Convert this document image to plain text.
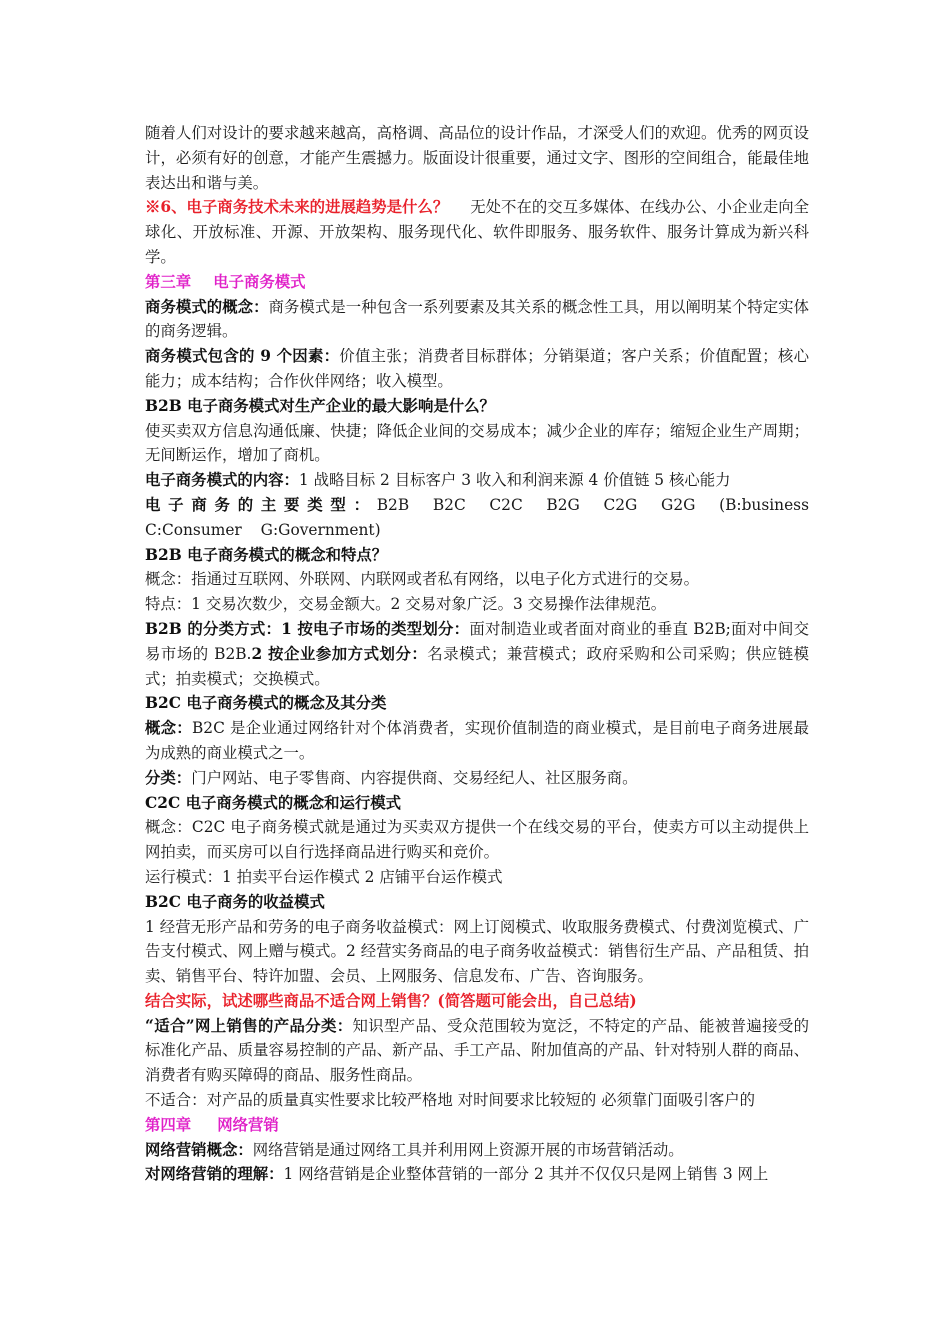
随着人们对设计的要求越来越高，高格调、高品位的设计作品，才深受人们的欢迎。优秀的网页设计，必须有好的创意，才能产生震撼力。版面设计很重要，通过文字、图形的空间组合，能最佳地表达出和谐与美。

※6、电子商务技术未来的进展趋势是什么？ 无处不在的交互多媒体、在线办公、小企业走向全球化、开放标准、开源、开放架构、服务现代化、软件即服务、服务软件、服务计算成为新兴科学。

第三章 电子商务模式

商务模式的概念：商务模式是一种包含一系列要素及其关系的概念性工具，用以阐明某个特定实体的商务逻辑。

商务模式包含的 9 个因素：价值主张；消费者目标群体；分销渠道；客户关系；价值配置；核心能力；成本结构；合作伙伴网络；收入模型。

B2B 电子商务模式对生产企业的最大影响是什么？

使买卖双方信息沟通低廉、快捷；降低企业间的交易成本；减少企业的库存；缩短企业生产周期；无间断运作，增加了商机。

电子商务模式的内容：1 战略目标 2 目标客户 3 收入和利润来源 4 价值链 5 核心能力

电子商务的主要类型：B2B B2C C2C B2G C2G G2G (B:business C:Consumer G:Government)

B2B 电子商务模式的概念和特点？

概念：指通过互联网、外联网、内联网或者私有网络，以电子化方式进行的交易。

特点：1 交易次数少，交易金额大。2 交易对象广泛。3 交易操作法律规范。

B2B 的分类方式：1 按电子市场的类型划分：面对制造业或者面对商业的垂直 B2B;面对中间交易市场的 B2B.2 按企业参加方式划分：名录模式；兼营模式；政府采购和公司采购；供应链模式；拍卖模式；交换模式。

B2C 电子商务模式的概念及其分类

概念：B2C 是企业通过网络针对个体消费者，实现价值制造的商业模式，是目前电子商务进展最为成熟的商业模式之一。

分类：门户网站、电子零售商、内容提供商、交易经纪人、社区服务商。

C2C 电子商务模式的概念和运行模式

概念：C2C 电子商务模式就是通过为买卖双方提供一个在线交易的平台，使卖方可以主动提供上网拍卖，而买房可以自行选择商品进行购买和竞价。

运行模式：1 拍卖平台运作模式 2 店铺平台运作模式

B2C 电子商务的收益模式

1 经营无形产品和劳务的电子商务收益模式：网上订阅模式、收取服务费模式、付费浏览模式、广告支付模式、网上赠与模式。2 经营实务商品的电子商务收益模式：销售衍生产品、产品租赁、拍卖、销售平台、特许加盟、会员、上网服务、信息发布、广告、咨询服务。

结合实际，试述哪些商品不适合网上销售？(简答题可能会出，自己总结)

“适合”网上销售的产品分类：知识型产品、受众范围较为宽泛，不特定的产品、能被普遍接受的标准化产品、质量容易控制的产品、新产品、手工产品、附加值高的产品、针对特别人群的商品、消费者有购买障碍的商品、服务性商品。

不适合：对产品的质量真实性要求比较严格地 对时间要求比较短的 必须靠门面吸引客户的

第四章 网络营销

网络营销概念：网络营销是通过网络工具并利用网上资源开展的市场营销活动。

对网络营销的理解：1 网络营销是企业整体营销的一部分 2 其并不仅仅只是网上销售 3 网上
